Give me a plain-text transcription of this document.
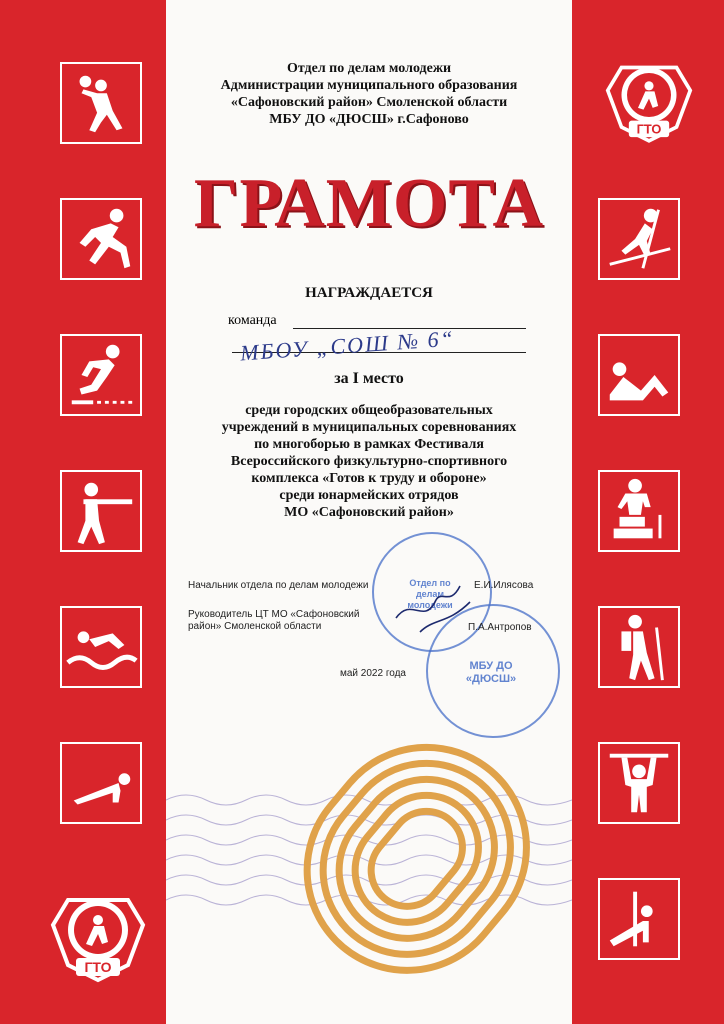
ГТО
ГТО
Отдел по делам молодежи
Администрации муниципального образования
«Сафоновский район» Смоленской области
МБУ ДО «ДЮСШ» г.Сафоново
ГРАМОТА
НАГРАЖДАЕТСЯ
команда
МБОУ „СОШ № 6“
за I место
среди городских общеобразовательных
учреждений в муниципальных соревнованиях
по многоборью в рамках Фестиваля
Всероссийского физкультурно-спортивного
комплекса «Готов к труду и обороне»
среди юнармейских отрядов
МО «Сафоновский район»
Отдел по делам молодежи
МБУ ДО
«ДЮСШ»
Начальник отдела по делам молодежи	Е.И.Илясова
Руководитель ЦТ МО «Сафоновский
район» Смоленской области	П.А.Антропов
май 2022 года
